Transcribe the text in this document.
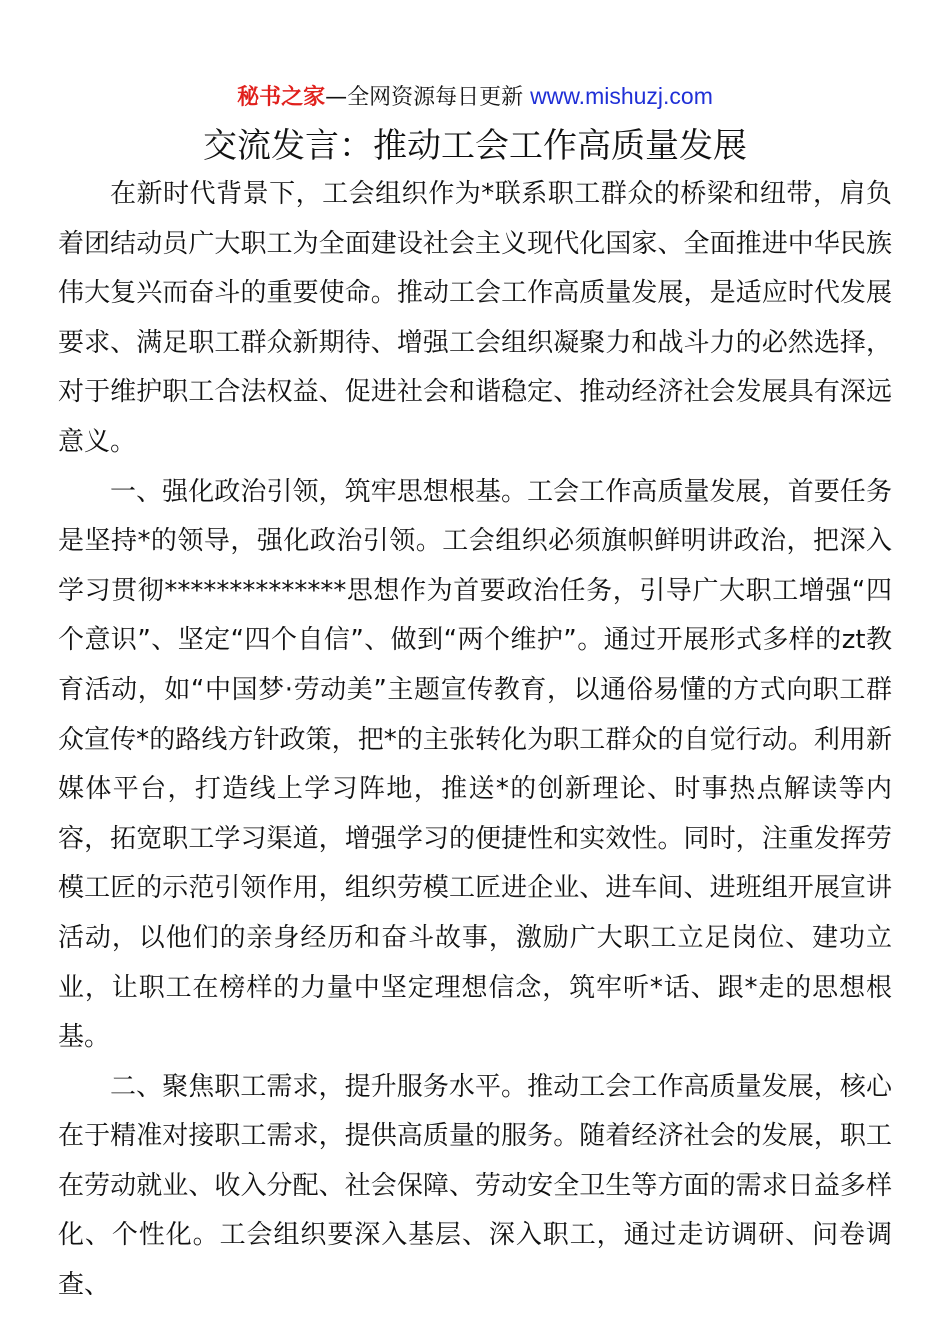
秘书之家—全网资源每日更新 www.mishuzj.com
交流发言：推动工会工作高质量发展

在新时代背景下，工会组织作为*联系职工群众的桥梁和纽带，肩负着团结动员广大职工为全面建设社会主义现代化国家、全面推进中华民族伟大复兴而奋斗的重要使命。推动工会工作高质量发展，是适应时代发展要求、满足职工群众新期待、增强工会组织凝聚力和战斗力的必然选择，对于维护职工合法权益、促进社会和谐稳定、推动经济社会发展具有深远意义。

一、强化政治引领，筑牢思想根基。工会工作高质量发展，首要任务是坚持*的领导，强化政治引领。工会组织必须旗帜鲜明讲政治，把深入学习贯彻**************思想作为首要政治任务，引导广大职工增强“四个意识”、坚定“四个自信”、做到“两个维护”。通过开展形式多样的zt教育活动，如“中国梦·劳动美”主题宣传教育，以通俗易懂的方式向职工群众宣传*的路线方针政策，把*的主张转化为职工群众的自觉行动。利用新媒体平台，打造线上学习阵地，推送*的创新理论、时事热点解读等内容，拓宽职工学习渠道，增强学习的便捷性和实效性。同时，注重发挥劳模工匠的示范引领作用，组织劳模工匠进企业、进车间、进班组开展宣讲活动，以他们的亲身经历和奋斗故事，激励广大职工立足岗位、建功立业，让职工在榜样的力量中坚定理想信念，筑牢听*话、跟*走的思想根基。

二、聚焦职工需求，提升服务水平。推动工会工作高质量发展，核心在于精准对接职工需求，提供高质量的服务。随着经济社会的发展，职工在劳动就业、收入分配、社会保障、劳动安全卫生等方面的需求日益多样化、个性化。工会组织要深入基层、深入职工，通过走访调研、问卷调查、
